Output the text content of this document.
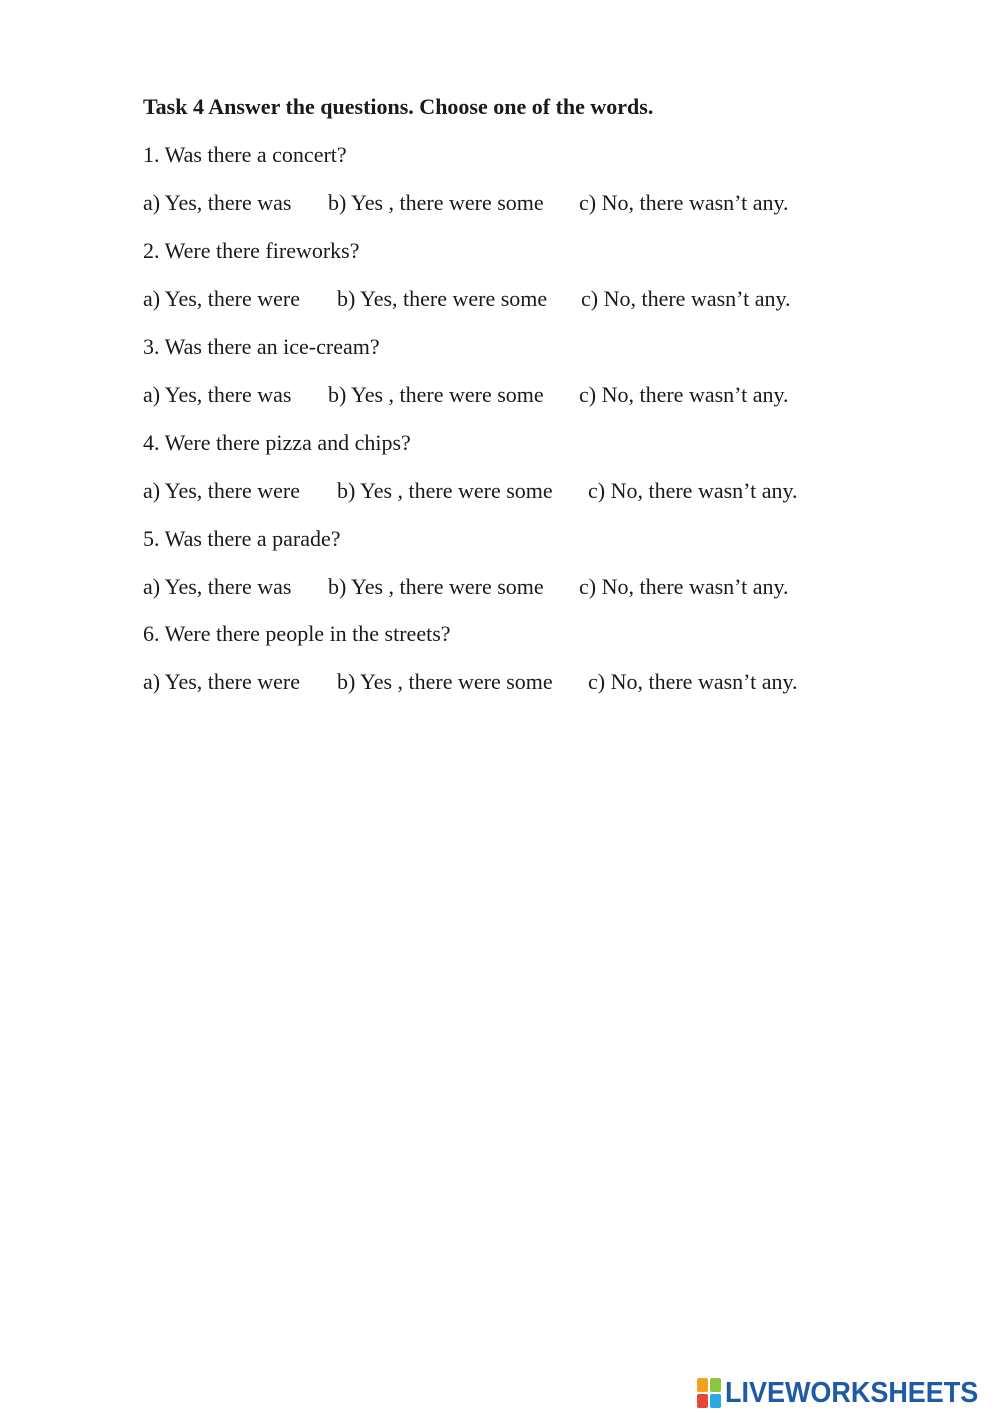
Task 4 Answer the questions. Choose one of the words.
1. Was there a concert?
a) Yes, there was b) Yes , there were some c) No, there wasn’t any.
2. Were there fireworks?
a) Yes, there were b) Yes, there were some c) No, there wasn’t any.
3. Was there an ice-cream?
a) Yes, there was b) Yes , there were some c) No, there wasn’t any.
4. Were there pizza and chips?
a) Yes, there were b) Yes , there were some c) No, there wasn’t any.
5. Was there a parade?
a) Yes, there was b) Yes , there were some c) No, there wasn’t any.
6. Were there people in the streets?
a) Yes, there were b) Yes , there were some c) No, there wasn’t any.
LIVEWORKSHEETS
